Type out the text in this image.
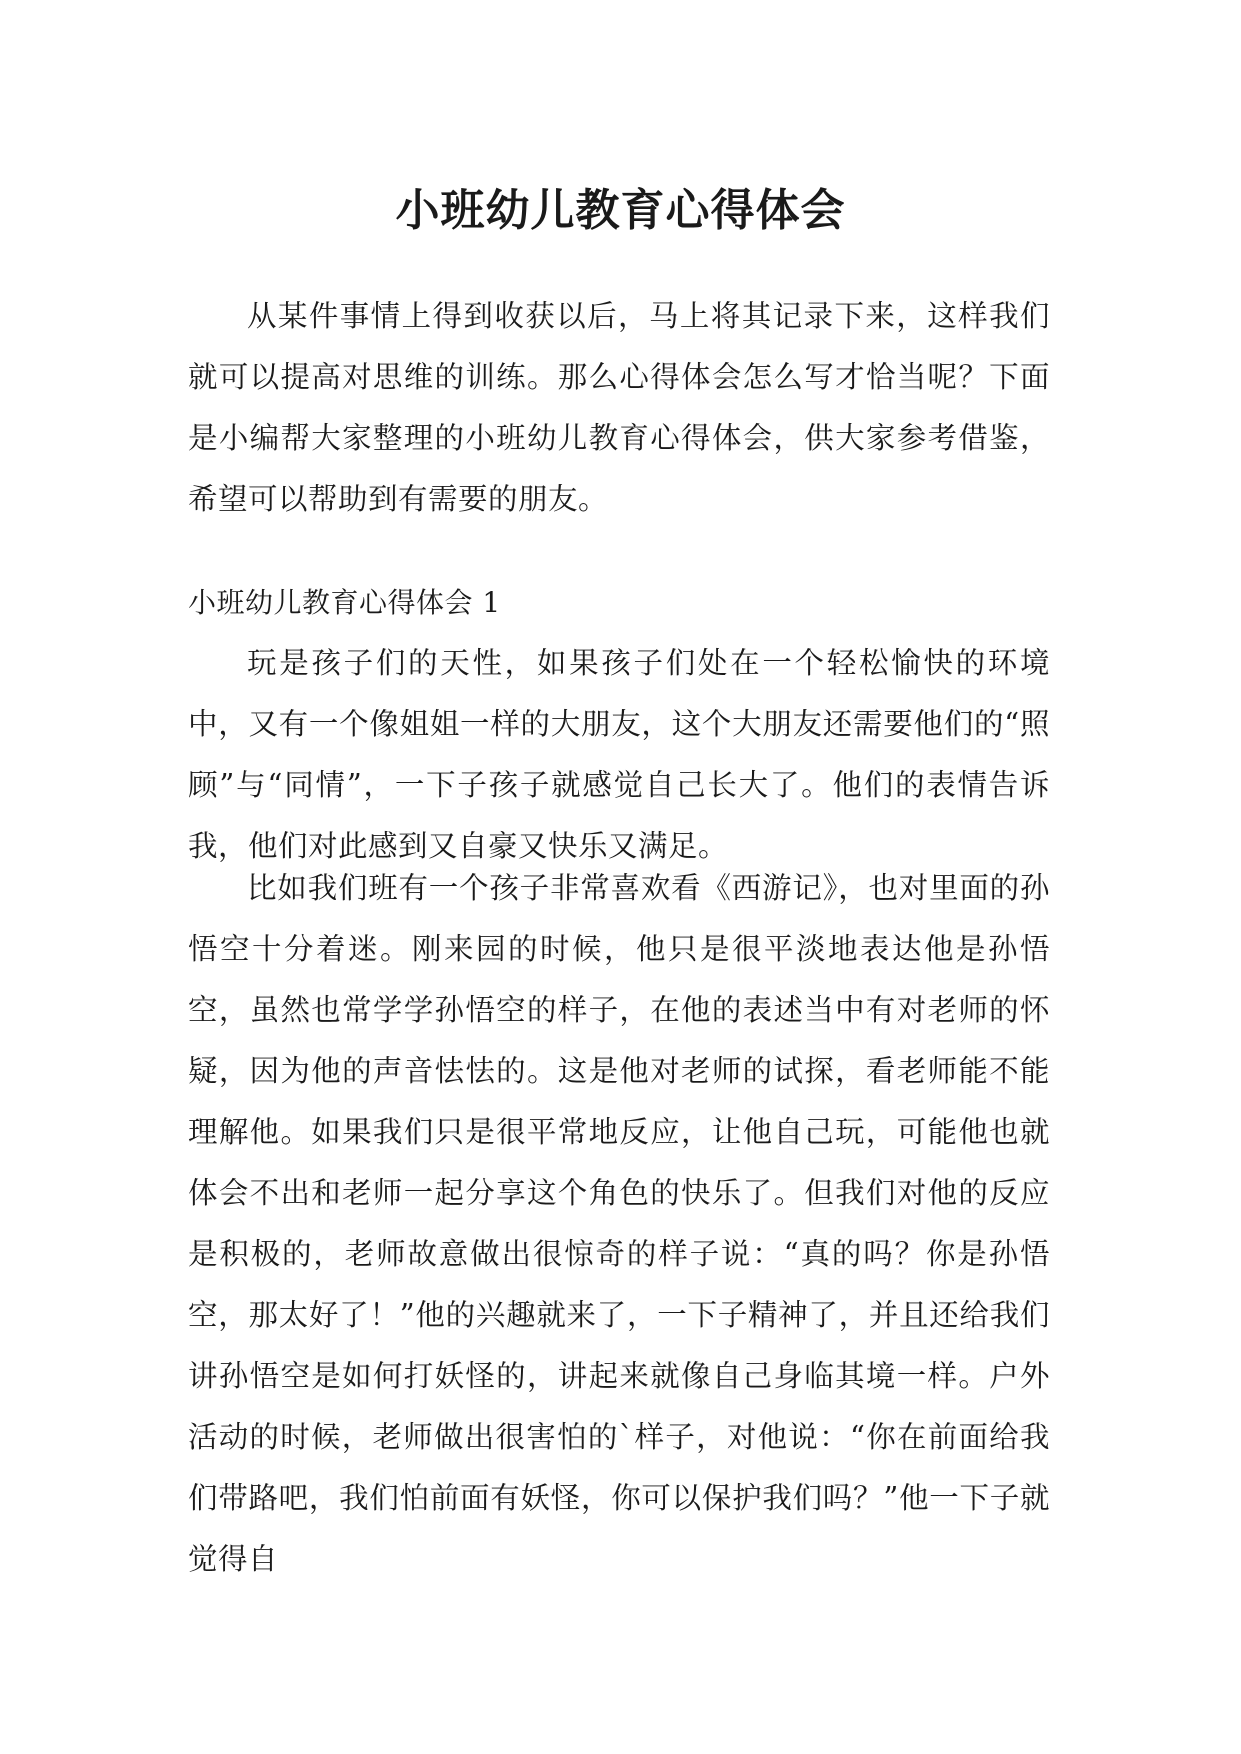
小班幼儿教育心得体会

从某件事情上得到收获以后，马上将其记录下来，这样我们就可以提高对思维的训练。那么心得体会怎么写才恰当呢？下面是小编帮大家整理的小班幼儿教育心得体会，供大家参考借鉴，希望可以帮助到有需要的朋友。

小班幼儿教育心得体会 1

玩是孩子们的天性，如果孩子们处在一个轻松愉快的环境中，又有一个像姐姐一样的大朋友，这个大朋友还需要他们的“照顾”与“同情”，一下子孩子就感觉自己长大了。他们的表情告诉我，他们对此感到又自豪又快乐又满足。

比如我们班有一个孩子非常喜欢看《西游记》，也对里面的孙悟空十分着迷。刚来园的时候，他只是很平淡地表达他是孙悟空，虽然也常学学孙悟空的样子，在他的表述当中有对老师的怀疑，因为他的声音怯怯的。这是他对老师的试探，看老师能不能理解他。如果我们只是很平常地反应，让他自己玩，可能他也就体会不出和老师一起分享这个角色的快乐了。但我们对他的反应是积极的，老师故意做出很惊奇的样子说：“真的吗？你是孙悟空，那太好了！”他的兴趣就来了，一下子精神了，并且还给我们讲孙悟空是如何打妖怪的，讲起来就像自己身临其境一样。户外活动的时候，老师做出很害怕的`样子，对他说：“你在前面给我们带路吧，我们怕前面有妖怪，你可以保护我们吗？”他一下子就觉得自
